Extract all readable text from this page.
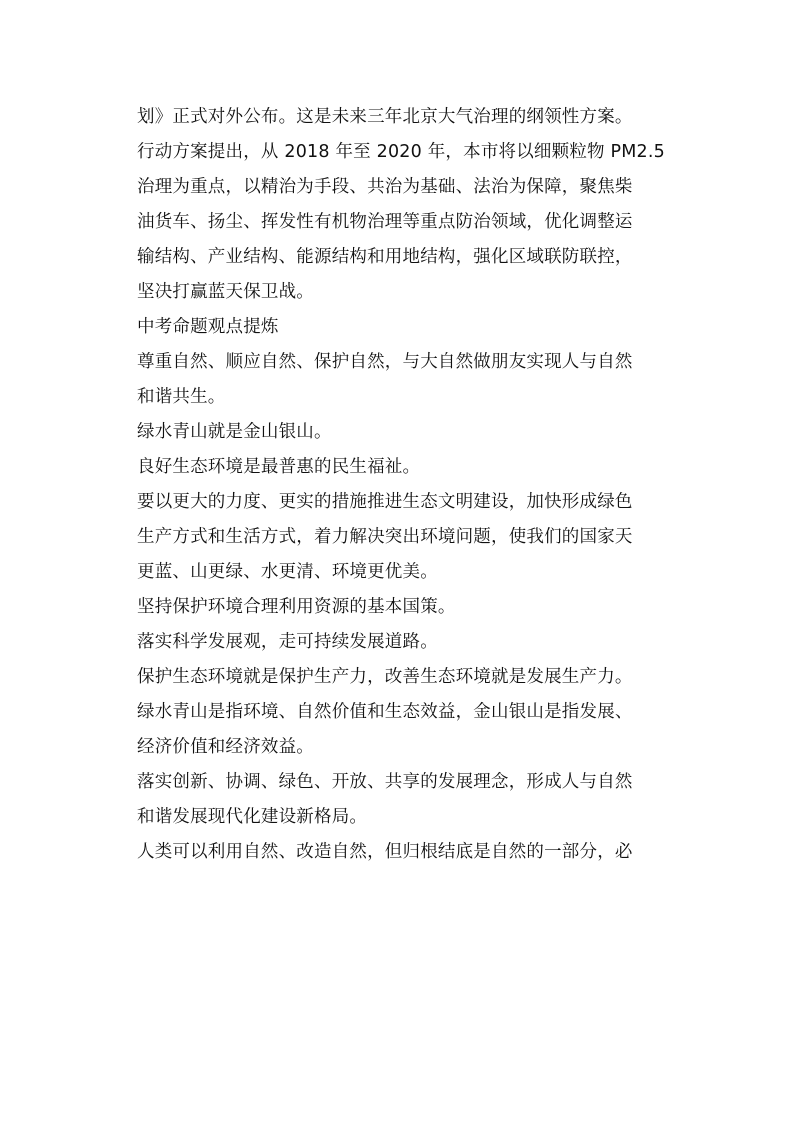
划》正式对外公布。这是未来三年北京大气治理的纲领性方案。
行动方案提出，从 2018 年至 2020 年，本市将以细颗粒物 PM2.5
治理为重点，以精治为手段、共治为基础、法治为保障，聚焦柴
油货车、扬尘、挥发性有机物治理等重点防治领域，优化调整运
输结构、产业结构、能源结构和用地结构，强化区域联防联控，
坚决打赢蓝天保卫战。
中考命题观点提炼
尊重自然、顺应自然、保护自然，与大自然做朋友实现人与自然
和谐共生。
绿水青山就是金山银山。
良好生态环境是最普惠的民生福祉。
要以更大的力度、更实的措施推进生态文明建设，加快形成绿色
生产方式和生活方式，着力解决突出环境问题，使我们的国家天
更蓝、山更绿、水更清、环境更优美。
坚持保护环境合理利用资源的基本国策。
落实科学发展观，走可持续发展道路。
保护生态环境就是保护生产力，改善生态环境就是发展生产力。
绿水青山是指环境、自然价值和生态效益，金山银山是指发展、
经济价值和经济效益。
落实创新、协调、绿色、开放、共享的发展理念，形成人与自然
和谐发展现代化建设新格局。
人类可以利用自然、改造自然，但归根结底是自然的一部分，必
